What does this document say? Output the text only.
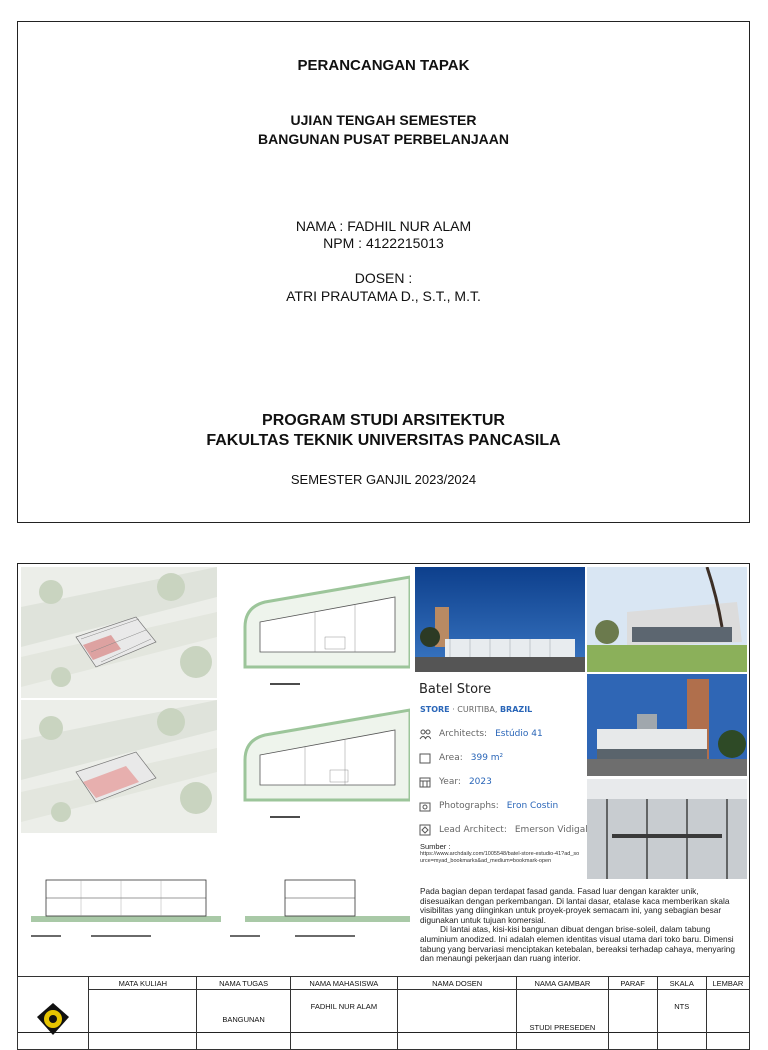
PERANCANGAN TAPAK
UJIAN TENGAH SEMESTER
BANGUNAN PUSAT PERBELANJAAN
NAMA : FADHIL NUR ALAM
NPM : 4122215013
DOSEN :
ATRI PRAUTAMA D., S.T., M.T.
PROGRAM STUDI ARSITEKTUR
FAKULTAS TEKNIK UNIVERSITAS PANCASILA
SEMESTER GANJIL 2023/2024
Batel Store
STORE · CURITIBA, BRAZIL
Architects: Estúdio 41
Area: 399 m²
Year: 2023
Photographs: Eron Costin
Lead Architect: Emerson Vidigal
Sumber :
https://www.archdaily.com/1005548/batel-store-estudio-41?ad_source=myad_bookmarks&ad_medium=bookmark-open

Pada bagian depan terdapat fasad ganda. Fasad luar dengan karakter unik, disesuaikan dengan perkembangan. Di lantai dasar, etalase kaca memberikan skala visibilitas yang diinginkan untuk proyek-proyek semacam ini, yang sebagian besar digunakan untuk tujuan komersial.

Di lantai atas, kisi-kisi bangunan dibuat dengan brise-soleil, dalam tabung aluminium anodized. Ini adalah elemen identitas visual utama dari toko baru. Dimensi tabung yang bervariasi menciptakan ketebalan, bereaksi terhadap cahaya, menyaring dan menaungi pekerjaan dan ruang interior.

	MATA KULIAH	NAMA TUGAS	NAMA MAHASISWA	NAMA DOSEN	NAMA GAMBAR	PARAF	SKALA	LEMBAR
		BANGUNAN	FADHIL NUR ALAM		STUDI PRESEDEN		NTS	
